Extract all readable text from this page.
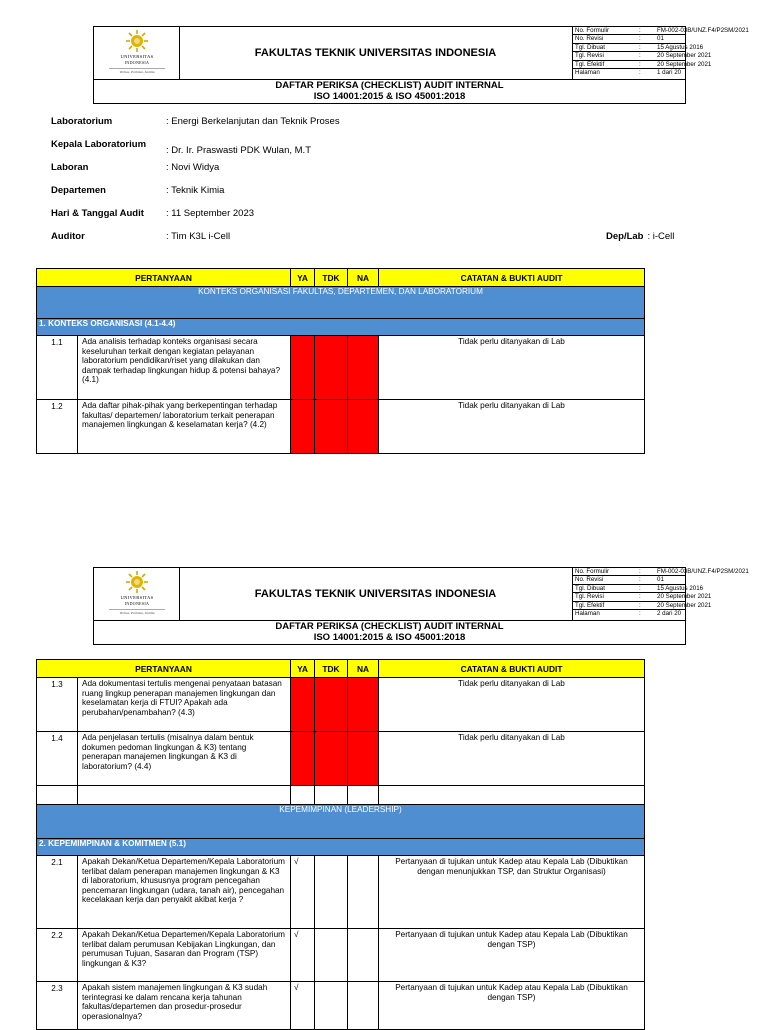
UNIVERSITAS
INDONESIA
Veritas, Probitas, Iustitia
FAKULTAS TEKNIK UNIVERSITAS INDONESIA
No. Formulir	:	FM-002-03B/UNZ.F4/P2SM/2021
No. Revisi	:	01
Tgl. Dibuat	:	15 Agustus 2016
Tgl. Revisi	:	20 September 2021
Tgl. Efektif	:	20 September 2021
Halaman	:	1 dari 20
DAFTAR PERIKSA (CHECKLIST) AUDIT INTERNAL
ISO 14001:2015 & ISO 45001:2018
Laboratorium	: Energi Berkelanjutan dan Teknik Proses
Kepala Laboratorium
: Dr. Ir. Praswasti PDK Wulan, M.T
Laboran	: Novi Widya
Departemen	: Teknik Kimia
Hari & Tanggal Audit : 11 September 2023
Auditor	: Tim K3L i-Cell	Dep/Lab : i-Cell
PERTANYAAN		YA	TDK	NA	CATATAN & BUKTI AUDIT
KONTEKS ORGANISASI FAKULTAS, DEPARTEMEN, DAN LABORATORIUM					
1. KONTEKS ORGANISASI (4.1-4.4)					
1.1	Ada analisis terhadap konteks organisasi secara keseluruhan terkait dengan kegiatan pelayanan laboratorium pendidikan/riset yang dilakukan dan dampak terhadap lingkungan hidup & potensi bahaya? (4.1)				Tidak perlu ditanyakan di Lab
1.2	Ada daftar pihak-pihak yang berkepentingan terhadap fakultas/ departemen/ laboratorium terkait penerapan manajemen lingkungan & keselamatan kerja? (4.2)				Tidak perlu ditanyakan di Lab
UNIVERSITAS
INDONESIA
Veritas, Probitas, Iustitia
FAKULTAS TEKNIK UNIVERSITAS INDONESIA
No. Formulir	:	FM-002-03B/UNZ.F4/P2SM/2021
No. Revisi	:	01
Tgl. Dibuat	:	15 Agustus 2016
Tgl. Revisi	:	20 September 2021
Tgl. Efektif	:	20 September 2021
Halaman	:	2 dari 20
DAFTAR PERIKSA (CHECKLIST) AUDIT INTERNAL
ISO 14001:2015 & ISO 45001:2018
PERTANYAAN		YA	TDK	NA	CATATAN & BUKTI AUDIT
1.3	Ada dokumentasi tertulis mengenai penyataan batasan ruang lingkup penerapan manajemen lingkungan dan keselamatan kerja di FTUI? Apakah ada perubahan/penambahan? (4.3)				Tidak perlu ditanyakan di Lab
1.4	Ada penjelasan tertulis (misalnya dalam bentuk dokumen pedoman lingkungan & K3) tentang penerapan manajemen lingkungan & K3 di laboratorium? (4.4)				Tidak perlu ditanyakan di Lab

KEPEMIMPINAN (LEADERSHIP)					
2. KEPEMIMPINAN & KOMITMEN (5.1)					
2.1	Apakah Dekan/Ketua Departemen/Kepala Laboratorium terlibat dalam penerapan manajemen lingkungan & K3 di laboratorium, khususnya program pencegahan pencemaran lingkungan (udara, tanah air), pencegahan kecelakaan kerja dan penyakit akibat kerja ?	√			Pertanyaan di tujukan untuk Kadep atau Kepala Lab (Dibuktikan dengan menunjukkan TSP, dan Struktur Organisasi)
2.2	Apakah Dekan/Ketua Departemen/Kepala Laboratorium terlibat dalam perumusan Kebijakan Lingkungan, dan perumusan Tujuan, Sasaran dan Program (TSP) lingkungan & K3?	√			Pertanyaan di tujukan untuk Kadep atau Kepala Lab (Dibuktikan dengan TSP)
2.3	Apakah sistem manajemen lingkungan & K3 sudah terintegrasi ke dalam rencana kerja tahunan fakultas/departemen dan prosedur-prosedur operasionalnya?	√			Pertanyaan di tujukan untuk Kadep atau Kepala Lab (Dibuktikan dengan TSP)
